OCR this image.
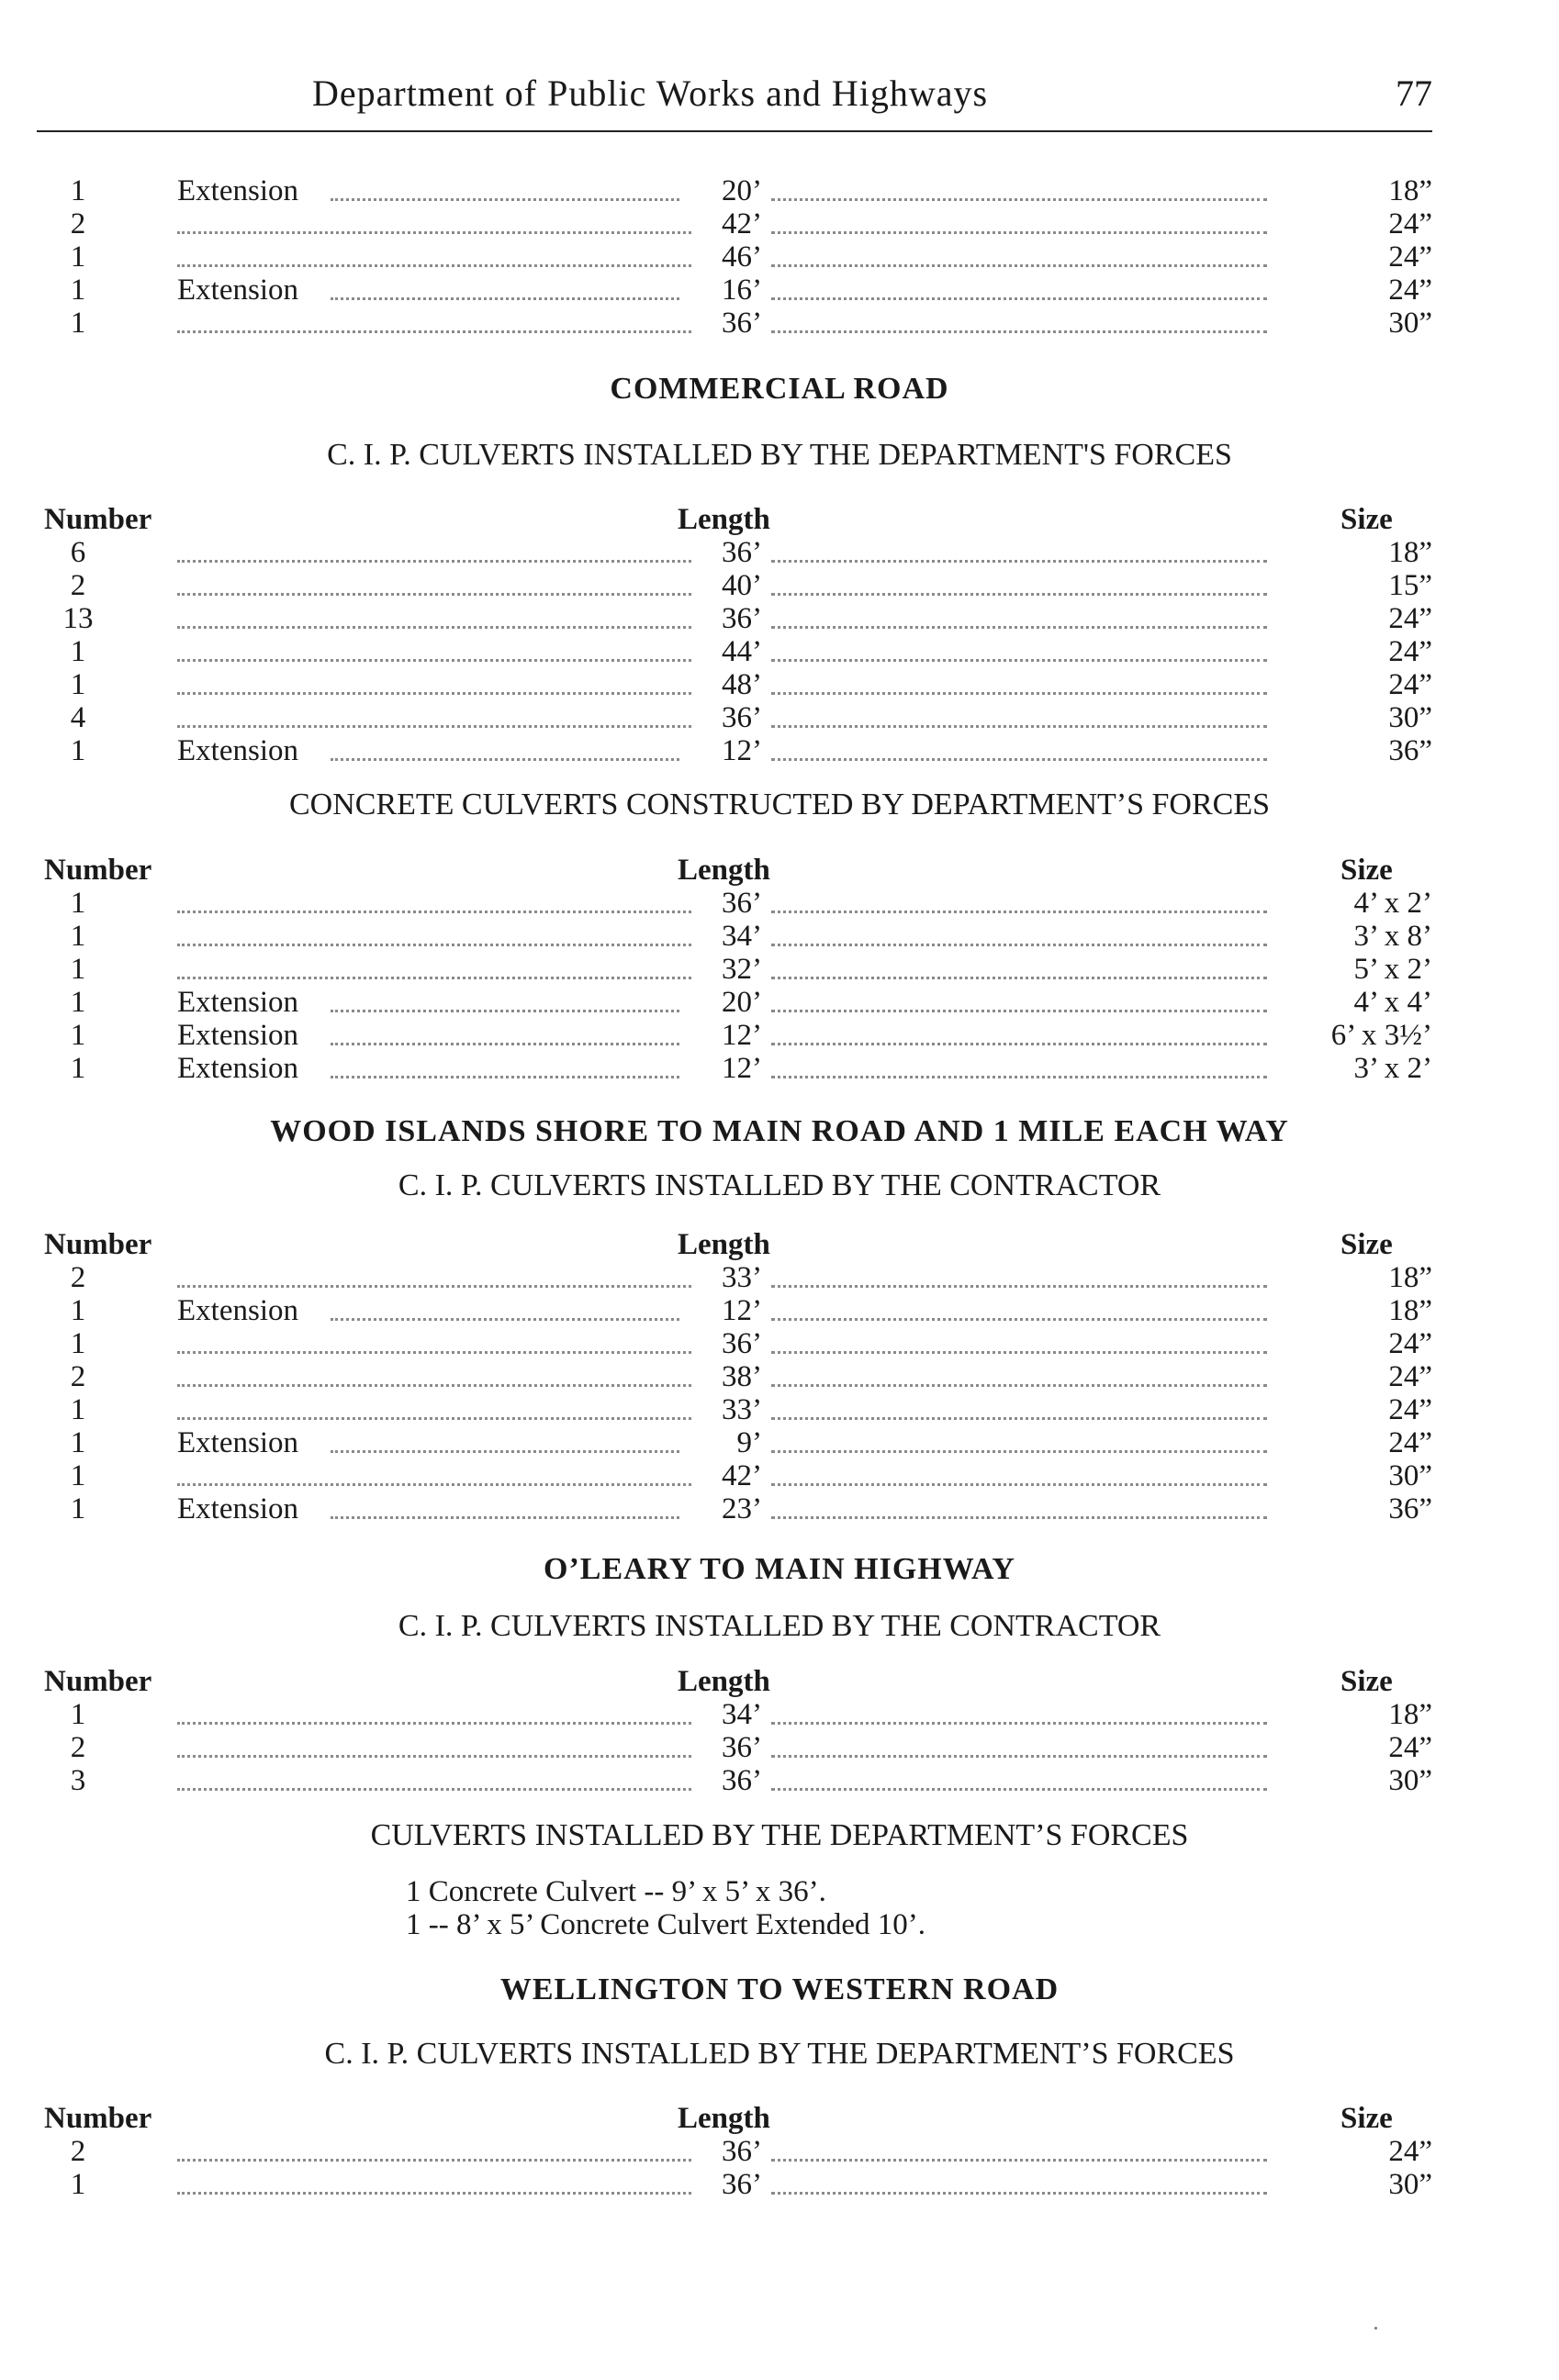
Department of Public Works and Highways	77
1	Extension	20’	18”
2	42’	24”
1	46’	24”
1	Extension	16’	24”
1	36’	30”
COMMERCIAL ROAD
C. I. P. CULVERTS INSTALLED BY THE DEPARTMENT'S FORCES
Number	Length	Size
6	36’	18”
2	40’	15”
13	36’	24”
1	44’	24”
1	48’	24”
4	36’	30”
1	Extension	12’	36”
CONCRETE CULVERTS CONSTRUCTED BY DEPARTMENT’S FORCES
Number	Length	Size
1	36’	4’ x 2’
1	34’	3’ x 8’
1	32’	5’ x 2’
1	Extension	20’	4’ x 4’
1	Extension	12’	6’ x 3½’
1	Extension	12’	3’ x 2’
WOOD ISLANDS SHORE TO MAIN ROAD AND 1 MILE EACH WAY
C. I. P. CULVERTS INSTALLED BY THE CONTRACTOR
Number	Length	Size
2	33’	18”
1	Extension	12’	18”
1	36’	24”
2	38’	24”
1	33’	24”
1	Extension	9’	24”
1	42’	30”
1	Extension	23’	36”
O’LEARY TO MAIN HIGHWAY
C. I. P. CULVERTS INSTALLED BY THE CONTRACTOR
Number	Length	Size
1	34’	18”
2	36’	24”
3	36’	30”
CULVERTS INSTALLED BY THE DEPARTMENT’S FORCES
1 Concrete Culvert -- 9’ x 5’ x 36’.
1 -- 8’ x 5’ Concrete Culvert Extended 10’.
WELLINGTON TO WESTERN ROAD
C. I. P. CULVERTS INSTALLED BY THE DEPARTMENT’S FORCES
Number	Length	Size
2	36’	24”
1	36’	30”
